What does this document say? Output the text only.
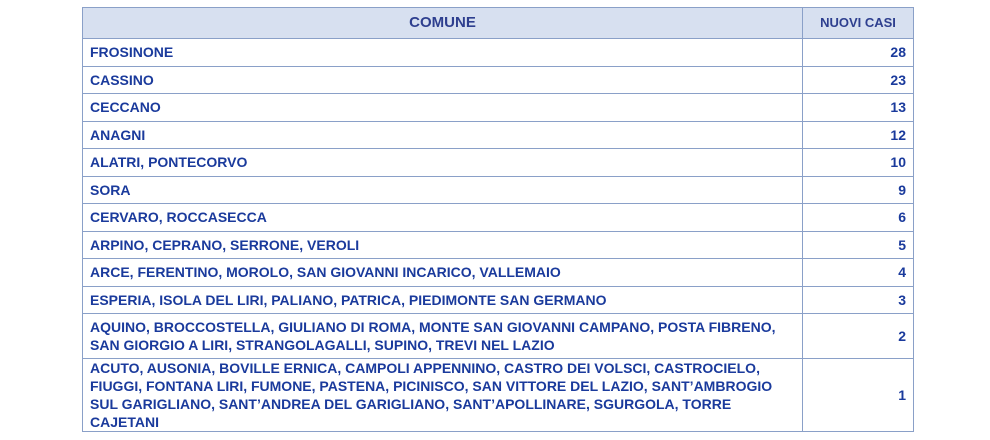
COMUNE	NUOVI CASI
FROSINONE	28
CASSINO	23
CECCANO	13
ANAGNI	12
ALATRI, PONTECORVO	10
SORA	9
CERVARO, ROCCASECCA	6
ARPINO, CEPRANO, SERRONE, VEROLI	5
ARCE, FERENTINO, MOROLO, SAN GIOVANNI INCARICO, VALLEMAIO	4
ESPERIA, ISOLA DEL LIRI, PALIANO, PATRICA, PIEDIMONTE SAN GERMANO	3
AQUINO, BROCCOSTELLA, GIULIANO DI ROMA, MONTE SAN GIOVANNI CAMPANO, POSTA FIBRENO, SAN GIORGIO A LIRI, STRANGOLAGALLI, SUPINO, TREVI NEL LAZIO	2
ACUTO, AUSONIA, BOVILLE ERNICA, CAMPOLI APPENNINO, CASTRO DEI VOLSCI, CASTROCIELO, FIUGGI, FONTANA LIRI, FUMONE, PASTENA, PICINISCO, SAN VITTORE DEL LAZIO, SANT’AMBROGIO SUL GARIGLIANO, SANT’ANDREA DEL GARIGLIANO, SANT’APOLLINARE, SGURGOLA, TORRE CAJETANI	1
